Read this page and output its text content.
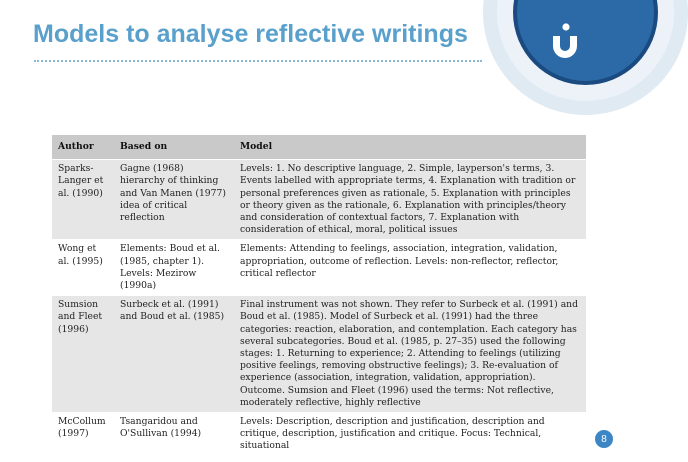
Models to analyse reflective writings
Author	Based on	Model
Sparks-Langer et al. (1990)	Gagne (1968) hierarchy of thinking and Van Manen (1977) idea of critical reflection	Levels: 1. No descriptive language, 2. Simple, layperson's terms, 3. Events labelled with appropriate terms, 4. Explanation with tradition or personal preferences given as rationale, 5. Explanation with principles or theory given as the rationale, 6. Explanation with principles/theory and consideration of contextual factors, 7. Explanation with consideration of ethical, moral, political issues
Wong et al. (1995)	Elements: Boud et al. (1985, chapter 1). Levels: Mezirow (1990a)	Elements: Attending to feelings, association, integration, validation, appropriation, outcome of reflection. Levels: non-reflector, reflector, critical reflector
Sumsion and Fleet (1996)	Surbeck et al. (1991) and Boud et al. (1985)	Final instrument was not shown. They refer to Surbeck et al. (1991) and Boud et al. (1985). Model of Surbeck et al. (1991) had the three categories: reaction, elaboration, and contemplation. Each category has several subcategories. Boud et al. (1985, p. 27–35) used the following stages: 1. Returning to experience; 2. Attending to feelings (utilizing positive feelings, removing obstructive feelings); 3. Re-evaluation of experience (association, integration, validation, appropriation). Outcome. Sumsion and Fleet (1996) used the terms: Not reflective, moderately reflective, highly reflective
McCollum (1997)	Tsangaridou and O'Sullivan (1994)	Levels: Description, description and justification, description and critique, description, justification and critique. Focus: Technical, situational
8
